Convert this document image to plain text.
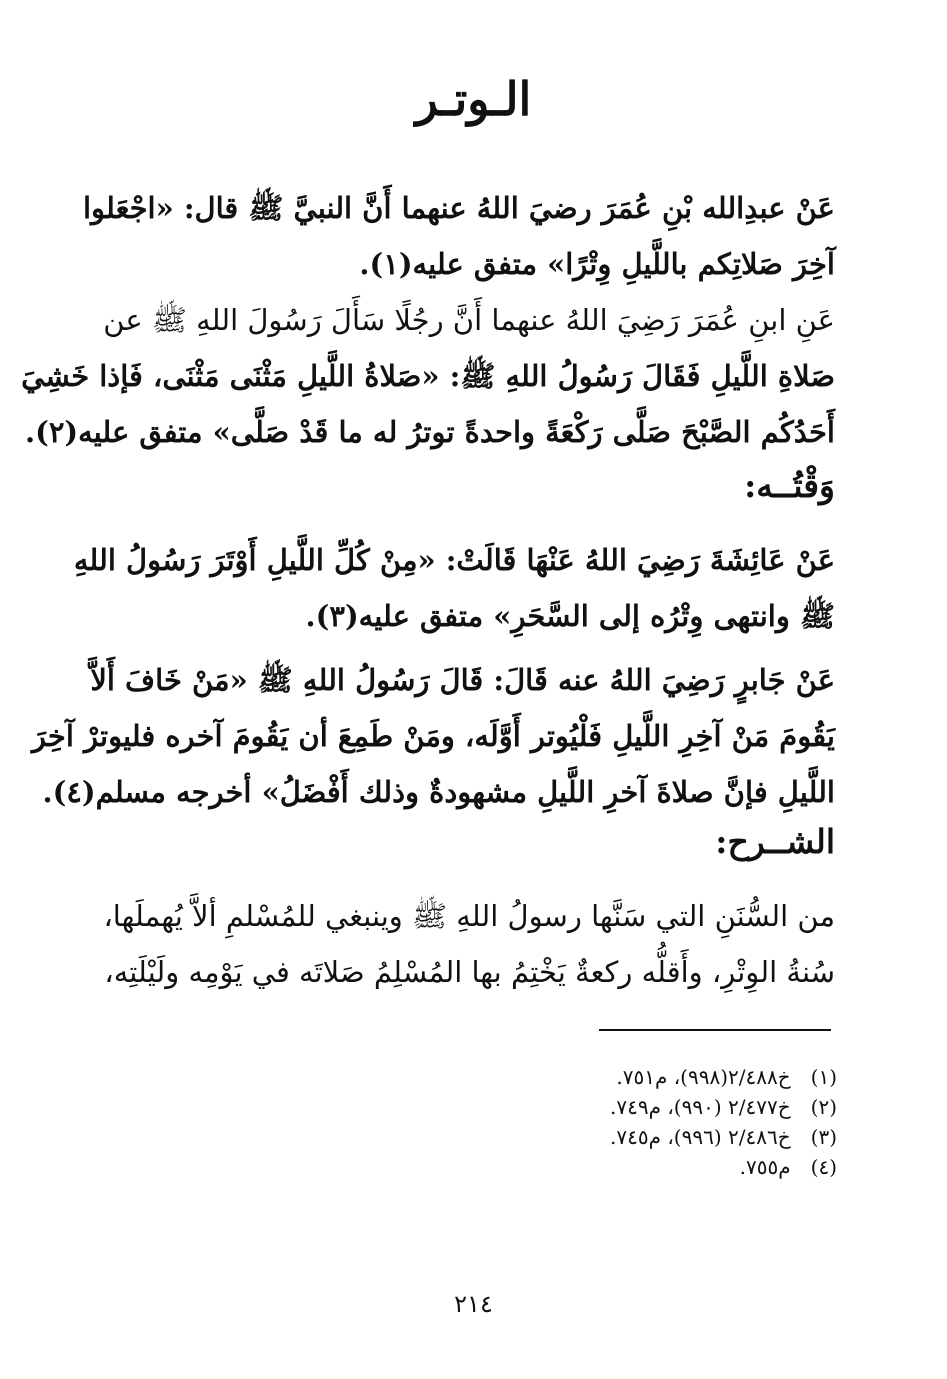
الـوتـر
عَنْ عبدِالله بْنِ عُمَرَ رضيَ اللهُ عنهما أَنَّ النبيَّ ﷺ قال: «اجْعَلوا
آخِرَ صَلاتِكم باللَّيلِ وِتْرًا» متفق عليه(١).
عَنِ ابنِ عُمَرَ رَضِيَ اللهُ عنهما أَنَّ رجُلًا سَأَلَ رَسُولَ اللهِ ﷺ عن
صَلاةِ اللَّيلِ فَقَالَ رَسُولُ اللهِ ﷺ: «صَلاةُ اللَّيلِ مَثْنَى مَثْنَى، فَإذا خَشِيَ
أَحَدُكُم الصَّبْحَ صَلَّى رَكْعَةً واحدةً توترُ له ما قَدْ صَلَّى» متفق عليه(٢).
وَقْتُــه:
عَنْ عَائِشَةَ رَضِيَ اللهُ عَنْهَا قَالَتْ: «مِنْ كُلِّ اللَّيلِ أَوْتَرَ رَسُولُ اللهِ
ﷺ وانتهى وِتْرُه إلى السَّحَرِ» متفق عليه(٣).
عَنْ جَابرٍ رَضِيَ اللهُ عنه قَالَ: قَالَ رَسُولُ اللهِ ﷺ «مَنْ خَافَ أَلاَّ
يَقُومَ مَنْ آخِرِ اللَّيلِ فَلْيُوتر أَوَّلَه، ومَنْ طَمِعَ أن يَقُومَ آخره فليوترْ آخِرَ
اللَّيلِ فإنَّ صلاةَ آخرِ اللَّيلِ مشهودةٌ وذلك أَفْضَلُ» أخرجه مسلم(٤).
الشــرح:
من السُّنَنِ التي سَنَّها رسولُ اللهِ ﷺ وينبغي للمُسْلمِ ألاَّ يُهملَها،
سُنةُ الوِتْرِ، وأَقلُّه ركعةٌ يَخْتِمُ بها المُسْلِمُ صَلاتَه في يَوْمِه ولَيْلَتِه،
(١) خ٢/٤٨٨(٩٩٨)، م٧٥١.
(٢) خ٢/٤٧٧ (٩٩٠)، م٧٤٩.
(٣) خ٢/٤٨٦ (٩٩٦)، م٧٤٥.
(٤) م٧٥٥.
٢١٤
